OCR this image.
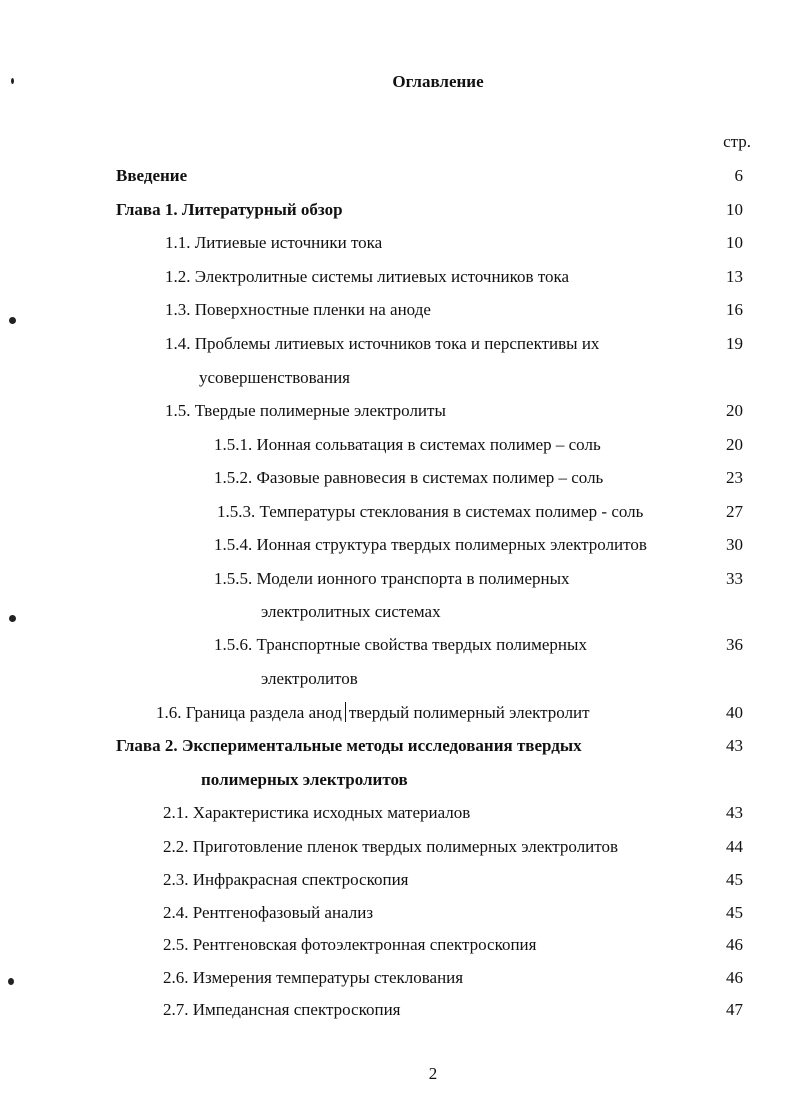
Оглавление
стр.
Введение	6
Глава 1. Литературный обзор	10
1.1. Литиевые источники тока	10
1.2. Электролитные системы литиевых источников тока	13
1.3. Поверхностные пленки на аноде	16
1.4. Проблемы литиевых источников тока и перспективы их	19
усовершенствования
1.5. Твердые полимерные электролиты	20
1.5.1. Ионная сольватация в системах полимер – соль	20
1.5.2. Фазовые равновесия в системах полимер – соль	23
1.5.3. Температуры стеклования в системах полимер - соль	27
1.5.4. Ионная структура твердых полимерных электролитов	30
1.5.5. Модели ионного транспорта в полимерных	33
электролитных системах
1.5.6. Транспортные свойства твердых полимерных	36
электролитов
1.6. Граница раздела анод твердый полимерный электролит	40
Глава 2. Экспериментальные методы исследования твердых	43
полимерных электролитов
2.1. Характеристика исходных материалов	43
2.2. Приготовление пленок твердых полимерных электролитов	44
2.3. Инфракрасная спектроскопия	45
2.4. Рентгенофазовый анализ	45
2.5. Рентгеновская фотоэлектронная спектроскопия	46
2.6. Измерения температуры стеклования	46
2.7. Импедансная спектроскопия	47
2
